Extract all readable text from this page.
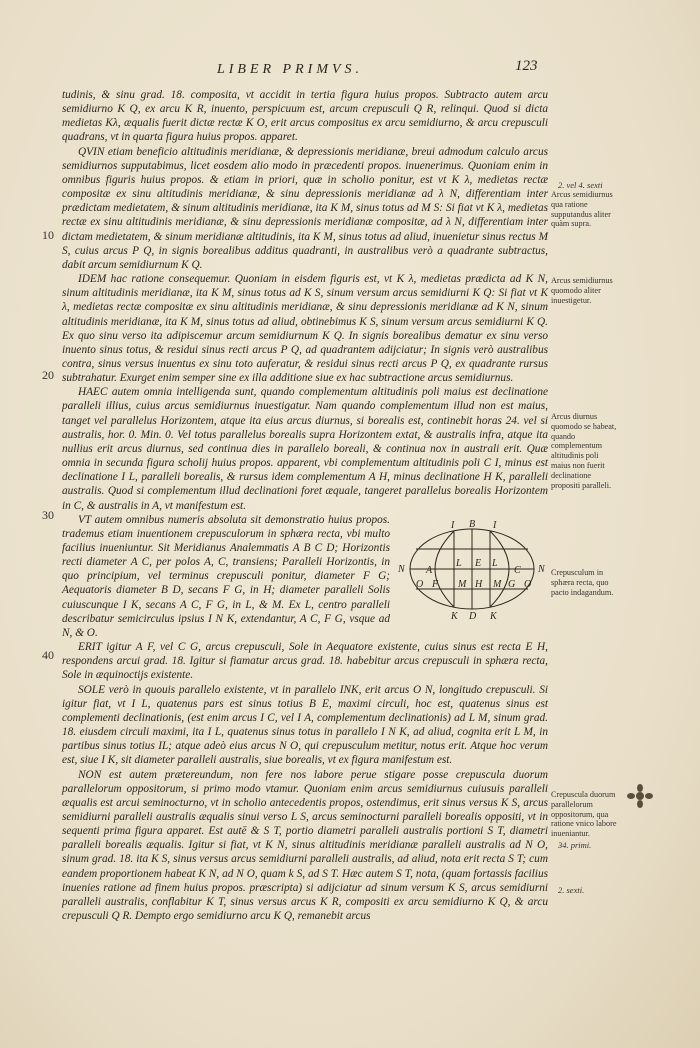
LIBER PRIMVS.	123

tudinis, & sinu grad. 18. composita, vt accidit in tertia figura huius propos. Subtracto autem arcu semidiurno K Q, ex arcu K R, inuento, perspicuum est, arcum crepusculi Q R, relinqui. Quod si dicta medietas Kλ, æqualis fuerit dictæ rectæ K O, erit arcus compositus ex arcu semidiurno, & arcu crepusculi quadrans, vt in quarta figura huius propos. apparet.

QVIN etiam beneficio altitudinis meridianæ, & depressionis meridianæ, breui admodum calculo arcus semidiurnos supputabimus, licet eosdem alio modo in præcedenti propos. inuenerimus. Quoniam enim in omnibus figuris huius propos. & etiam in priori, quæ in scholio ponitur, est vt K λ, medietas rectæ compositæ ex sinu altitudinis meridianæ, & sinu depressionis meridianæ ad λ N, differentiam inter prædictam medietatem, & sinum altitudinis meridianæ, ita K M, sinus totus ad M S: Si fiat vt K λ, medietas rectæ ex sinu altitudinis meridianæ, & sinu depressionis meridianæ compositæ, ad λ N, differentiam inter dictam medietatem, & sinum meridianæ altitudinis, ita K M, sinus totus ad aliud, inuenietur sinus rectus M S, cuius arcus P Q, in signis borealibus additus quadranti, in australibus verò a quadrante subtractus, dabit arcum semidiurnum K Q.

IDEM hac ratione consequemur. Quoniam in eisdem figuris est, vt K λ, medietas prædicta ad K N, sinum altitudinis meridianæ, ita K M, sinus totus ad K S, sinum versum arcus semidiurni K Q: Si fiat vt K λ, medietas rectæ compositæ ex sinu altitudinis meridianæ, & sinu depressionis meridianæ ad K N, sinum altitudinis meridianæ, ita K M, sinus totus ad aliud, obtinebimus K S, sinum versum arcus semidiurni K Q. Ex quo sinu verso ita adipiscemur arcum semidiurnum K Q. In signis borealibus dematur ex sinu verso inuento sinus totus, & residui sinus recti arcus P Q, ad quadrantem adijciatur; In signis verò australibus contra, sinus versus inuentus ex sinu toto auferatur, & residui sinus recti arcus P Q, ex quadrante rursus subtrahatur. Exurget enim semper sine ex illa additione siue ex hac subtractione arcus semidiurnus.

HAEC autem omnia intelligenda sunt, quando complementum altitudinis poli maius est declinatione paralleli illius, cuius arcus semidiurnus inuestigatur. Nam quando complementum illud non est maius, tanget vel parallelus Horizontem, atque ita eius arcus diurnus, si borealis est, continebit horas 24. vel si australis, hor. 0. Min. 0. Vel totus parallelus borealis supra Horizontem extat, & australis infra, atque ita nullius erit arcus diurnus, sed continua dies in parallelo boreali, & continua nox in australi erit. Quæ omnia in secunda figura scholij huius propos. apparent, vbi complementum altitudinis poli C I, minus est declinatione I L, paralleli borealis, & rursus idem complementum A H, minus declinatione H K, paralleli australis. Quod si complementum illud declinationi foret æquale, tangeret parallelus borealis Horizontem in C, & australis in A, vt manifestum est.

B
I	I
N	N
A
L E L
C
O F M H M G O
K D K

VT autem omnibus numeris absoluta sit demonstratio huius propos. trademus etiam inuentionem crepusculorum in sphæra recta, vbi multo facilius inueniuntur. Sit Meridianus Analemmatis A B C D; Horizontis recti diameter A C, per polos A, C, transiens; Paralleli Horizontis, in quo principium, vel terminus crepusculi ponitur, diameter F G; Aequatoris diameter B D, secans F G, in H; diameter paralleli Solis cuiuscunque I K, secans A C, F G, in L, & M. Ex L, centro paralleli describatur semicirculus ipsius I N K, extendantur, A C, F G, vsque ad N, & O.

ERIT igitur A F, vel C G, arcus crepusculi, Sole in Aequatore existente, cuius sinus est recta E H, respondens arcui grad. 18. Igitur si fiamatur arcus grad. 18. habebitur arcus crepusculi in sphæra recta, Sole in æquinoctijs existente.

SOLE verò in quouis parallelo existente, vt in parallelo INK, erit arcus O N, longitudo crepusculi. Si igitur fiat, vt I L, quatenus pars est sinus totius B E, maximi circuli, hoc est, quatenus sinus est complementi declinationis, (est enim arcus I C, vel I A, complementum declinationis) ad L M, sinum grad. 18. eiusdem circuli maximi, ita I L, quatenus sinus totus in parallelo I N K, ad aliud, cognita erit L M, in partibus sinus totius IL; atque adeò eius arcus N O, qui crepusculum metitur, notus erit. Atque hoc verum est, siue I K, sit diameter paralleli australis, siue borealis, vt ex figura manifestum est.

NON est autem prætereundum, non fere nos labore perue stigare posse crepuscula duorum parallelorum oppositorum, si primo modo vtamur. Quoniam enim arcus semidiurnus cuiusuis paralleli æqualis est arcui seminocturno, vt in scholio antecedentis propos, ostendimus, erit sinus versus K S, arcus semidiurni paralleli australis æqualis sinui verso L S, arcus seminocturni paralleli borealis oppositi, vt in sequenti prima figura apparet. Est autē & S T, portio diametri paralleli australis portioni S T, diametri paralleli borealis æqualis. Igitur si fiat, vt K N, sinus altitudinis meridianæ paralleli australis ad N O, sinum grad. 18. ita K S, sinus versus arcus semidiurni paralleli australis, ad aliud, nota erit recta S T; cum eandem proportionem habeat K N, ad N O, quam k S, ad S T. Hæc autem S T, nota, (quam fortassis facilius inuenies ratione ad finem huius propos. præscripta) si adijciatur ad sinum versum K S, arcus semidiurni paralleli australis, conflabitur K T, sinus versus arcus K R, compositi ex arcu semidiurno K Q, & arcu crepusculi Q R. Dempto ergo semidiurno arcu K Q, remanebit arcus

2. vel 4. sexti
Arcus semidiurnus qua ratione supputandus aliter quàm supra.
Arcus semidiurnus quomodo aliter inuestigetur.
Arcus diurnus quomodo se habeat, quando complementum altitudinis poli maius non fuerit declinatione propositi paralleli.
Crepusculum in sphæra recta, quo pacto indagandum.
Crepuscula duorum parallelorum oppositorum, qua ratione vnico labore inueniantur.
34. primi.
2. sexti.
10
20
30
40
